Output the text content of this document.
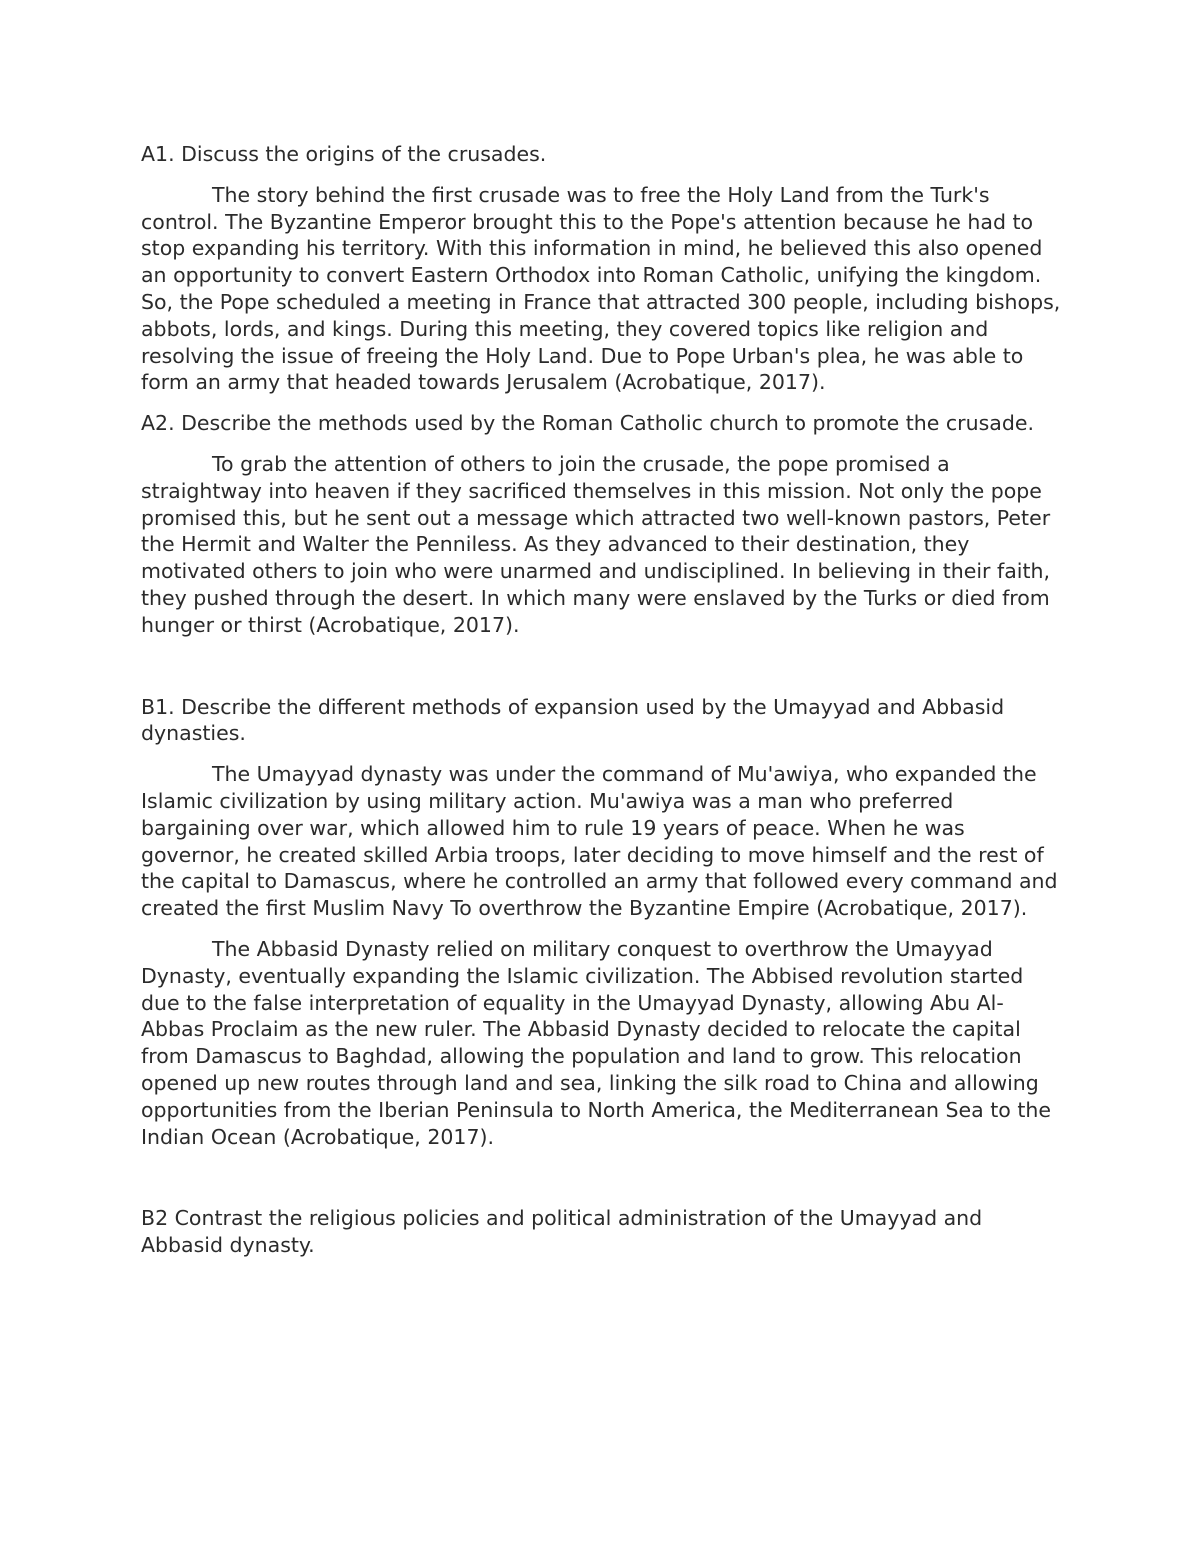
A1. Discuss the origins of the crusades.

The story behind the first crusade was to free the Holy Land from the Turk's control. The Byzantine Emperor brought this to the Pope's attention because he had to stop expanding his territory. With this information in mind, he believed this also opened an opportunity to convert Eastern Orthodox into Roman Catholic, unifying the kingdom. So, the Pope scheduled a meeting in France that attracted 300 people, including bishops, abbots, lords, and kings. During this meeting, they covered topics like religion and resolving the issue of freeing the Holy Land. Due to Pope Urban's plea, he was able to form an army that headed towards Jerusalem (Acrobatique, 2017).

A2. Describe the methods used by the Roman Catholic church to promote the crusade.

To grab the attention of others to join the crusade, the pope promised a straightway into heaven if they sacrificed themselves in this mission. Not only the pope promised this, but he sent out a message which attracted two well-known pastors, Peter the Hermit and Walter the Penniless. As they advanced to their destination, they motivated others to join who were unarmed and undisciplined. In believing in their faith, they pushed through the desert. In which many were enslaved by the Turks or died from hunger or thirst (Acrobatique, 2017).

B1. Describe the different methods of expansion used by the Umayyad and Abbasid dynasties.

The Umayyad dynasty was under the command of Mu'awiya, who expanded the Islamic civilization by using military action. Mu'awiya was a man who preferred bargaining over war, which allowed him to rule 19 years of peace. When he was governor, he created skilled Arbia troops, later deciding to move himself and the rest of the capital to Damascus, where he controlled an army that followed every command and created the first Muslim Navy To overthrow the Byzantine Empire (Acrobatique, 2017).

The Abbasid Dynasty relied on military conquest to overthrow the Umayyad Dynasty, eventually expanding the Islamic civilization. The Abbised revolution started due to the false interpretation of equality in the Umayyad Dynasty, allowing Abu Al-Abbas Proclaim as the new ruler. The Abbasid Dynasty decided to relocate the capital from Damascus to Baghdad, allowing the population and land to grow. This relocation opened up new routes through land and sea, linking the silk road to China and allowing opportunities from the Iberian Peninsula to North America, the Mediterranean Sea to the Indian Ocean (Acrobatique, 2017).

B2 Contrast the religious policies and political administration of the Umayyad and Abbasid dynasty.
